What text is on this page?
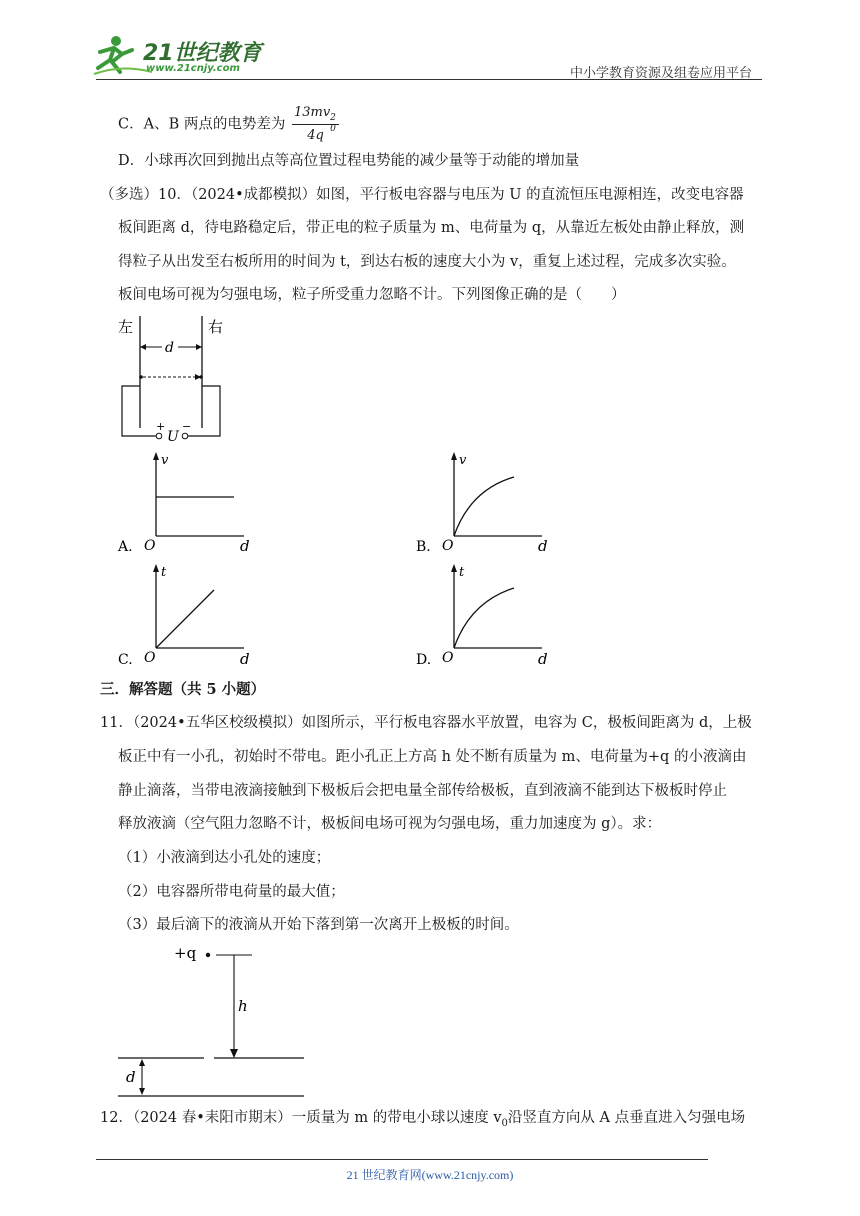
21世纪教育
www.21cnjy.com	中小学教育资源及组卷应用平台
C．A、B 两点的电势差为 13mv 2
0
4q
D．小球再次回到抛出点等高位置过程电势能的减少量等于动能的增加量
（多选）10．（2024•成都模拟）如图，平行板电容器与电压为 U 的直流恒压电源相连，改变电容器
板间距离 d，待电路稳定后，带正电的粒子质量为 m、电荷量为 q，从靠近左板处由静止释放，测
得粒子从出发至右板所用的时间为 t，到达右板的速度大小为 v，重复上述过程，完成多次实验。
板间电场可视为匀强电场，粒子所受重力忽略不计。下列图像正确的是（　　）
左	右
d
+ −
U
A.
v
O	d	B.
v
O	d
C.
t
O	d	D.
t
O	d
三．解答题（共 5 小题）
11．（2024•五华区校级模拟）如图所示，平行板电容器水平放置，电容为 C，极板间距离为 d，上极
板正中有一小孔，初始时不带电。距小孔正上方高 h 处不断有质量为 m、电荷量为+q 的小液滴由
静止滴落，当带电液滴接触到下极板后会把电量全部传给极板，直到液滴不能到达下极板时停止
释放液滴（空气阻力忽略不计，极板间电场可视为匀强电场，重力加速度为 g）。求：
（1）小液滴到达小孔处的速度；
（2）电容器所带电荷量的最大值；
（3）最后滴下的液滴从开始下落到第一次离开上极板的时间。
+q
h
d
12．（2024 春•耒阳市期末）一质量为 m 的带电小球以速度 $v_0$沿竖直方向从 A 点垂直进入匀强电场
21 世纪教育网(www.21cnjy.com)
